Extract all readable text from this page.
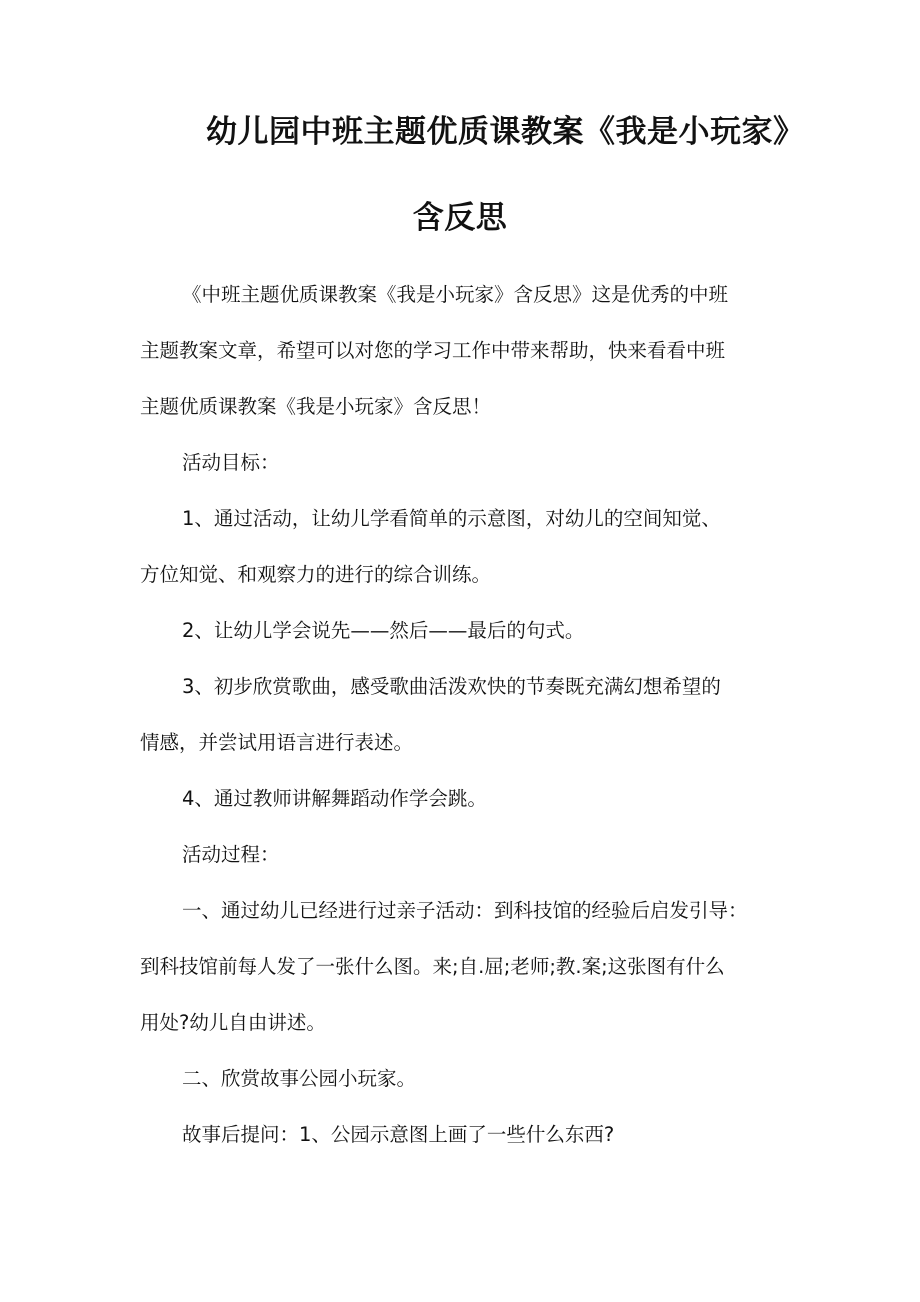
幼儿园中班主题优质课教案《我是小玩家》
含反思
《中班主题优质课教案《我是小玩家》含反思》这是优秀的中班
主题教案文章，希望可以对您的学习工作中带来帮助，快来看看中班
主题优质课教案《我是小玩家》含反思！
活动目标：
1、通过活动，让幼儿学看简单的示意图，对幼儿的空间知觉、
方位知觉、和观察力的进行的综合训练。
2、让幼儿学会说先——然后——最后的句式。
3、初步欣赏歌曲，感受歌曲活泼欢快的节奏既充满幻想希望的
情感，并尝试用语言进行表述。
4、通过教师讲解舞蹈动作学会跳。
活动过程：
一、通过幼儿已经进行过亲子活动：到科技馆的经验后启发引导：
到科技馆前每人发了一张什么图。来;自.屈;老师;教.案;这张图有什么
用处?幼儿自由讲述。
二、欣赏故事公园小玩家。
故事后提问：1、公园示意图上画了一些什么东西?
